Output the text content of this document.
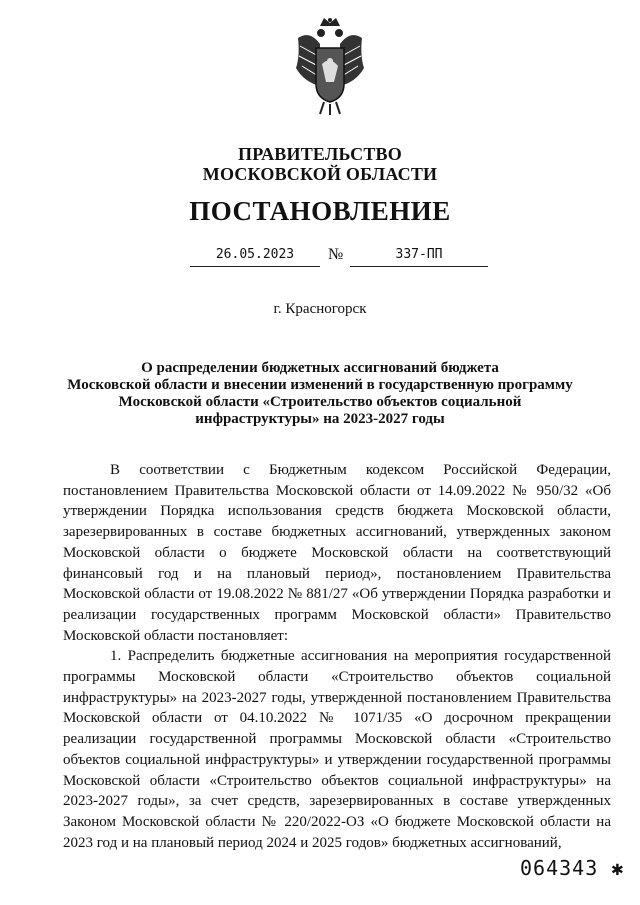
ПРАВИТЕЛЬСТВО
МОСКОВСКОЙ ОБЛАСТИ
ПОСТАНОВЛЕНИЕ
26.05.2023	№	337-ПП
г. Красногорск
О распределении бюджетных ассигнований бюджета
Московской области и внесении изменений в государственную программу
Московской области «Строительство объектов социальной
инфраструктуры» на 2023-2027 годы

В соответствии с Бюджетным кодексом Российской Федерации, постановлением Правительства Московской области от 14.09.2022 № 950/32 «Об утверждении Порядка использования средств бюджета Московской области, зарезервированных в составе бюджетных ассигнований, утвержденных законом Московской области о бюджете Московской области на соответствующий финансовый год и на плановый период», постановлением Правительства Московской области от 19.08.2022 № 881/27 «Об утверждении Порядка разработки и реализации государственных программ Московской области» Правительство Московской области постановляет:

1. Распределить бюджетные ассигнования на мероприятия государственной программы Московской области «Строительство объектов социальной инфраструктуры» на 2023-2027 годы, утвержденной постановлением Правительства Московской области от 04.10.2022 № 1071/35 «О досрочном прекращении реализации государственной программы Московской области «Строительство объектов социальной инфраструктуры» и утверждении государственной программы Московской области «Строительство объектов социальной инфраструктуры» на 2023-2027 годы», за счет средств, зарезервированных в составе утвержденных Законом Московской области № 220/2022-ОЗ «О бюджете Московской области на 2023 год и на плановый период 2024 и 2025 годов» бюджетных ассигнований,

064343 ✱
